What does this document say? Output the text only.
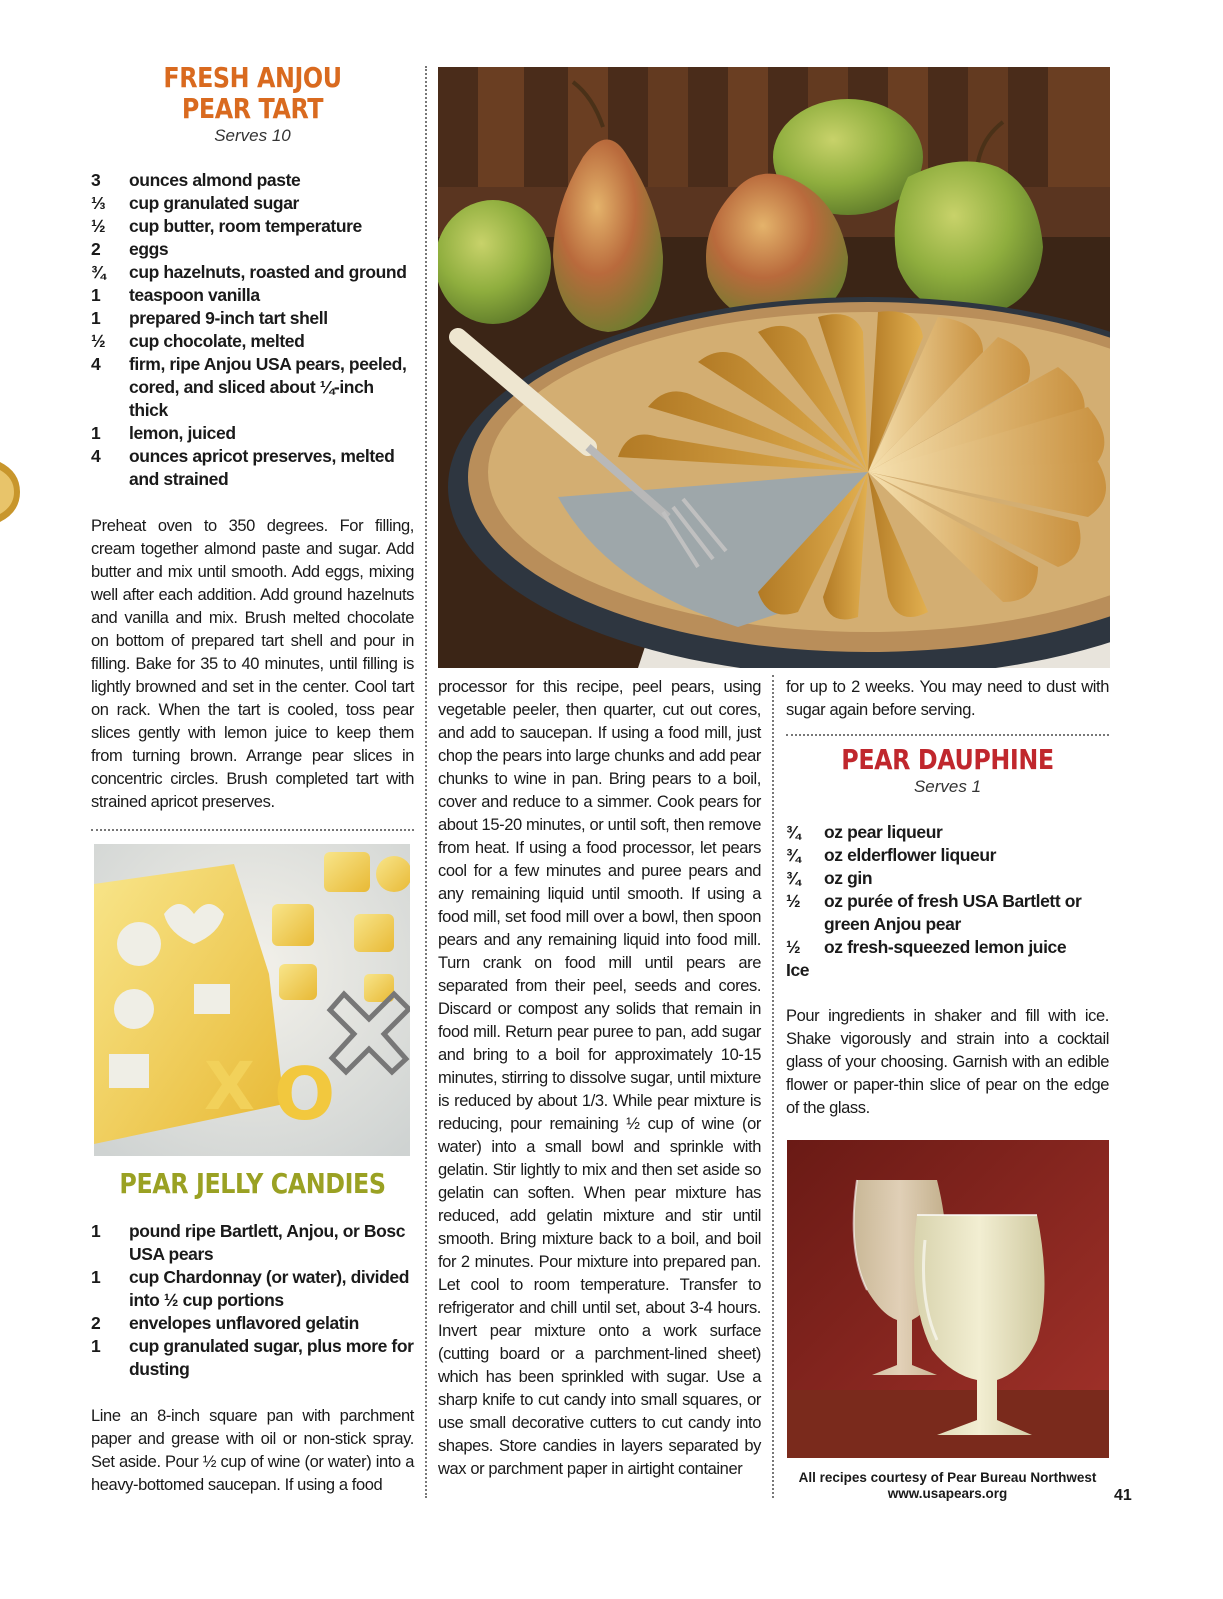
FRESH ANJOU
PEAR TART
Serves 10
3	ounces almond paste
⅓	cup granulated sugar
½	cup butter, room temperature
2	eggs
¾	cup hazelnuts, roasted and ground
1	teaspoon vanilla
1	prepared 9-inch tart shell
½	cup chocolate, melted
4	firm, ripe Anjou USA pears, peeled, cored, and sliced about ¼-inch thick
1	lemon, juiced
4	ounces apricot preserves, melted and strained

Preheat oven to 350 degrees. For filling, cream together almond paste and sugar. Add butter and mix until smooth. Add eggs, mixing well after each addition. Add ground hazelnuts and vanilla and mix. Brush melted chocolate on bottom of prepared tart shell and pour in filling. Bake for 35 to 40 minutes, until filling is lightly browned and set in the center. Cool tart on rack. When the tart is cooled, toss pear slices gently with lemon juice to keep them from turning brown. Arrange pear slices in concentric circles. Brush completed tart with strained apricot preserves.

X O
PEAR JELLY CANDIES
1	pound ripe Bartlett, Anjou, or Bosc USA pears
1	cup Chardonnay (or water), divided into ½ cup portions
2	envelopes unflavored gelatin
1	cup granulated sugar, plus more for dusting

Line an 8-inch square pan with parchment paper and grease with oil or non-stick spray. Set aside. Pour ½ cup of wine (or water) into a heavy-bottomed saucepan. If using a food

processor for this recipe, peel pears, using vegetable peeler, then quarter, cut out cores, and add to saucepan. If using a food mill, just chop the pears into large chunks and add pear chunks to wine in pan. Bring pears to a boil, cover and reduce to a simmer. Cook pears for about 15-20 minutes, or until soft, then remove from heat. If using a food processor, let pears cool for a few minutes and puree pears and any remaining liquid until smooth. If using a food mill, set food mill over a bowl, then spoon pears and any remaining liquid into food mill. Turn crank on food mill until pears are separated from their peel, seeds and cores. Discard or compost any solids that remain in food mill. Return pear puree to pan, add sugar and bring to a boil for approximately 10-15 minutes, stirring to dissolve sugar, until mixture is reduced by about 1/3. While pear mixture is reducing, pour remaining ½ cup of wine (or water) into a small bowl and sprinkle with gelatin. Stir lightly to mix and then set aside so gelatin can soften. When pear mixture has reduced, add gelatin mixture and stir until smooth. Bring mixture back to a boil, and boil for 2 minutes. Pour mixture into prepared pan. Let cool to room temperature. Transfer to refrigerator and chill until set, about 3-4 hours. Invert pear mixture onto a work surface (cutting board or a parchment-lined sheet) which has been sprinkled with sugar. Use a sharp knife to cut candy into small squares, or use small decorative cutters to cut candy into shapes. Store candies in layers separated by wax or parchment paper in airtight container

for up to 2 weeks. You may need to dust with sugar again before serving.

PEAR DAUPHINE
Serves 1
¾	oz pear liqueur
¾	oz elderflower liqueur
¾	oz gin
½	oz purée of fresh USA Bartlett or green Anjou pear
½	oz fresh-squeezed lemon juice
Ice

Pour ingredients in shaker and fill with ice. Shake vigorously and strain into a cocktail glass of your choosing. Garnish with an edible flower or paper-thin slice of pear on the edge of the glass.

All recipes courtesy of Pear Bureau Northwest
www.usapears.org	41
